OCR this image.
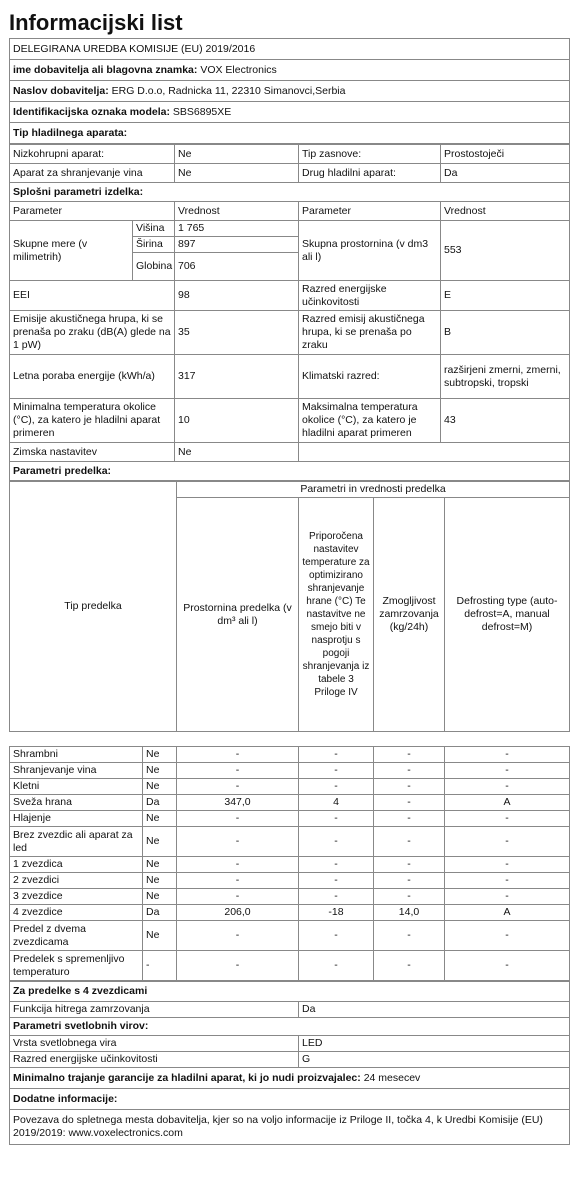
Informacijski list
DELEGIRANA UREDBA KOMISIJE (EU) 2019/2016
ime dobavitelja ali blagovna znamka: VOX Electronics
Naslov dobavitelja: ERG D.o.o, Radnicka 11, 22310 Simanovci,Serbia
Identifikacijska oznaka modela: SBS6895XE
Tip hladilnega aparata:
Nizkohrupni aparat:		Ne	Tip zasnove:	Prostostoječi
Aparat za shranjevanje vina		Ne	Drug hladilni aparat:	Da
Splošni parametri izdelka:				
Parameter		Vrednost	Parameter	Vrednost
Skupne mere (v milimetrih)	Višina	1 765	Skupna prostornina (v dm3 ali l)	553
	Širina	897		
	Globina	706		
EEI		98	Razred energijske učinkovitosti	E
Emisije akustičnega hrupa, ki se prenaša po zraku (dB(A) glede na 1 pW)		35	Razred emisij akustičnega hrupa, ki se prenaša po zraku	B
Letna poraba energije (kWh/a)		317	Klimatski razred:	razširjeni zmerni, zmerni, subtropski, tropski
Minimalna temperatura okolice (°C), za katero je hladilni aparat primeren		10	Maksimalna temperatura okolice (°C), za katero je hladilni aparat primeren	43
Zimska nastavitev		Ne		
Parametri predelka:				
Tip predelka	Parametri in vrednosti predelka			
	Prostornina predelka (v dm³ ali l)	Priporočena nastavitev temperature za optimizirano shranjevanje hrane (°C) Te nastavitve ne smejo biti v nasprotju s pogoji shranjevanja iz tabele 3 Priloge IV	Zmogljivost zamrzovanja (kg/24h)	Defrosting type (auto-defrost=A, manual defrost=M)
Shrambni	Ne	-	-	-	-
Shranjevanje vina	Ne	-	-	-	-
Kletni	Ne	-	-	-	-
Sveža hrana	Da	347,0	4	-	A
Hlajenje	Ne	-	-	-	-
Brez zvezdic ali aparat za led	Ne	-	-	-	-
1 zvezdica	Ne	-	-	-	-
2 zvezdici	Ne	-	-	-	-
3 zvezdice	Ne	-	-	-	-
4 zvezdice	Da	206,0	-18	14,0	A
Predel z dvema zvezdicama	Ne	-	-	-	-
Predelek s spremenljivo temperaturo	-	-	-	-	-
Za predelke s 4 zvezdicami	
Funkcija hitrega zamrzovanja	Da
Parametri svetlobnih virov:	
Vrsta svetlobnega vira	LED
Razred energijske učinkovitosti	G
Minimalno trajanje garancije za hladilni aparat, ki jo nudi proizvajalec: 24 mesecev	
Dodatne informacije:	
Povezava do spletnega mesta dobavitelja, kjer so na voljo informacije iz Priloge II, točka 4, k Uredbi Komisije (EU) 2019/2019: www.voxelectronics.com	
